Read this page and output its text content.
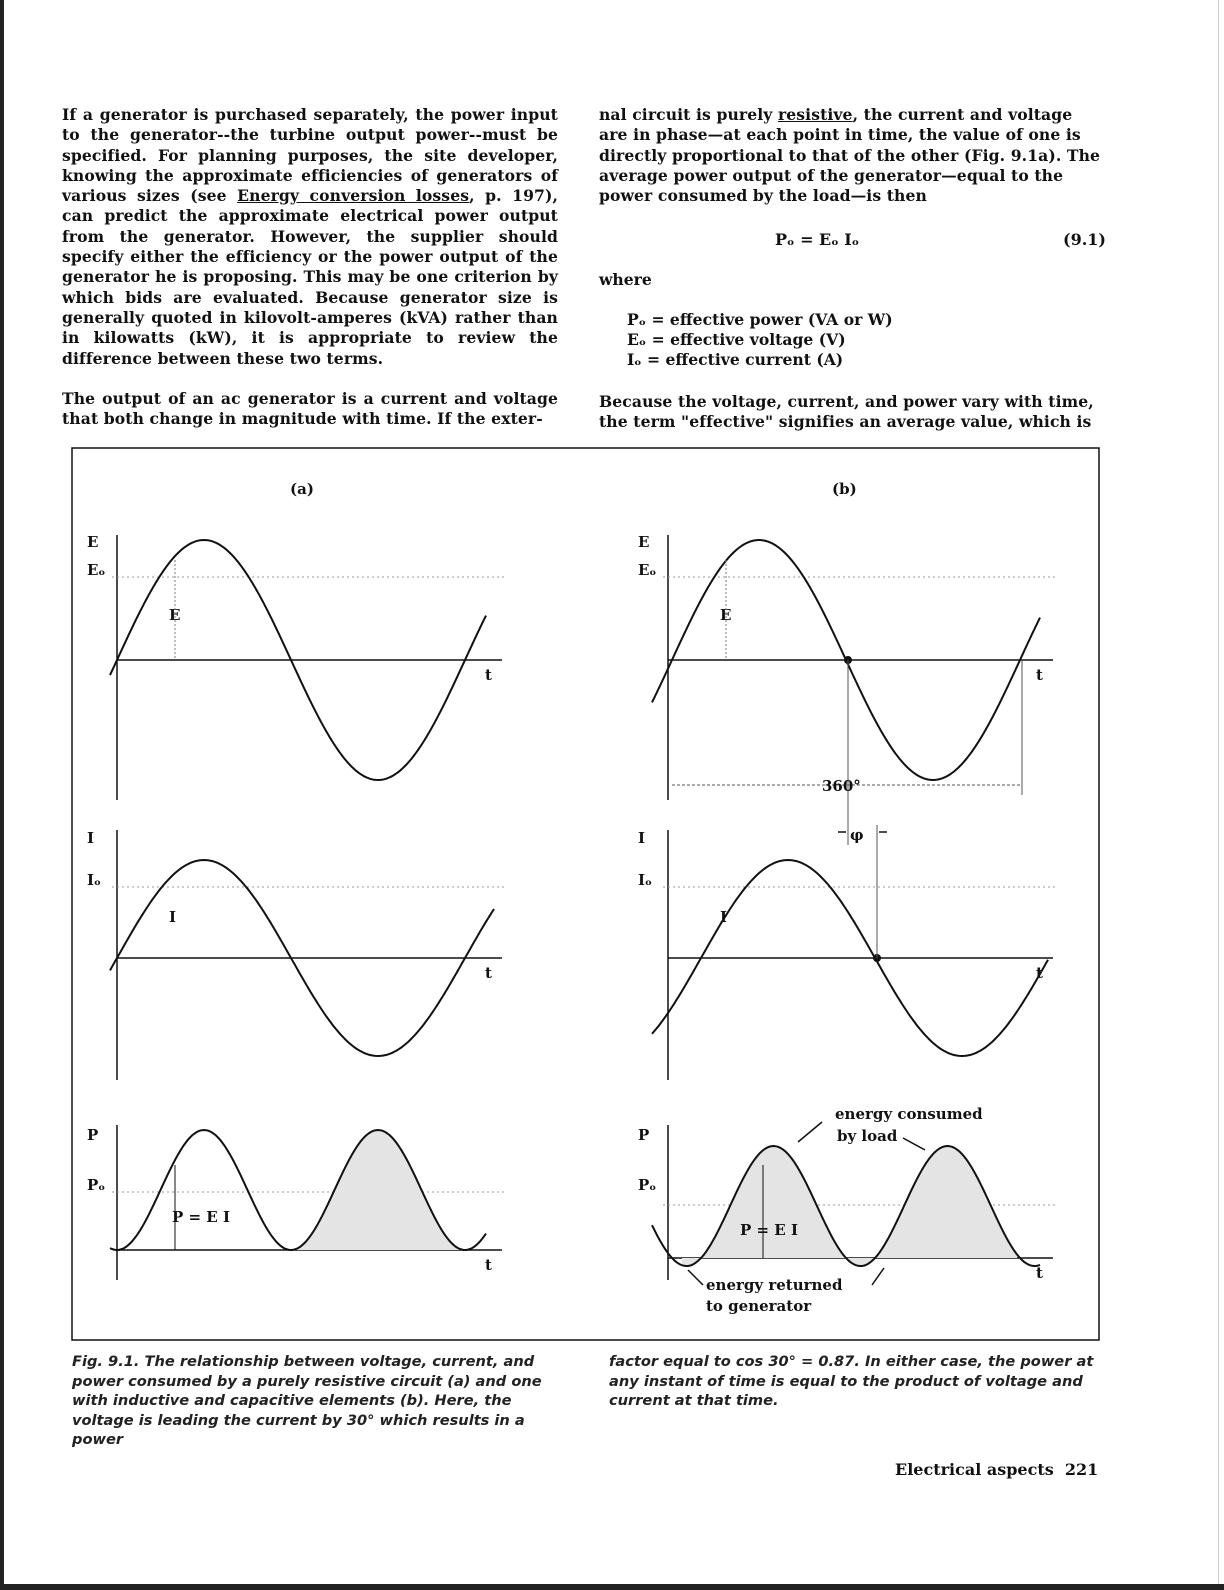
If a generator is purchased separately, the power input to the generator--the turbine output power--must be specified. For planning purposes, the site developer, knowing the approximate efficiencies of generators of various sizes (see Energy conversion losses, p. 197), can predict the approximate electrical power output from the generator. However, the supplier should specify either the efficiency or the power output of the generator he is proposing. This may be one criterion by which bids are evaluated. Because generator size is generally quoted in kilovolt-amperes (kVA) rather than in kilowatts (kW), it is appropriate to review the difference between these two terms.

The output of an ac generator is a current and voltage that both change in magnitude with time. If the exter-

nal circuit is purely resistive, the current and voltage are in phase—at each point in time, the value of one is directly proportional to that of the other (Fig. 9.1a). The average power output of the generator—equal to the power consumed by the load—is then

Pₒ = Eₒ Iₒ	(9.1)
where
Pₒ = effective power (VA or W)
Eₒ = effective voltage (V)
Iₒ = effective current (A)
Because the voltage, current, and power vary with time, the term "effective" signifies an average value, which is
(a)	(b)
E
Eₒ
t
E
I
Iₒ
t
I
P
Pₒ
t
P = E I
E
Eₒ
t
E
I
Iₒ
t
I
P
Pₒ
t
P = E I
360°
φ
energy consumed
by load
energy returned
to generator
Fig. 9.1. The relationship between voltage, current, and power consumed by a purely resistive circuit (a) and one with inductive and capacitive elements (b). Here, the voltage is leading the current by 30° which results in a power
factor equal to cos 30° = 0.87. In either case, the power at any instant of time is equal to the product of voltage and current at that time.
Electrical aspects 221
